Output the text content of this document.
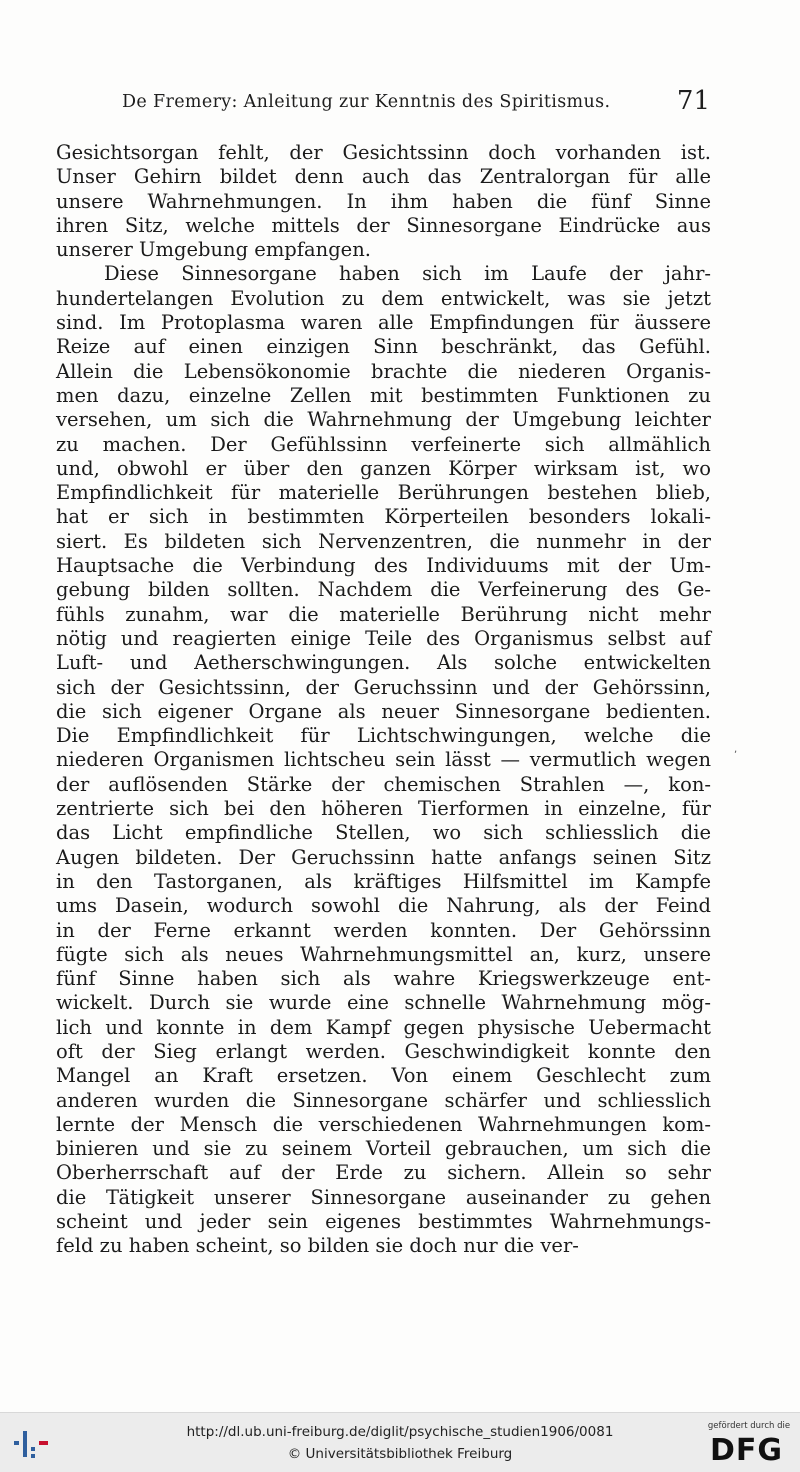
De Fremery: Anleitung zur Kenntnis des Spiritismus.	71
Gesichtsorgan fehlt, der Gesichtssinn doch vorhanden ist.
Unser Gehirn bildet denn auch das Zentralorgan für alle
unsere Wahrnehmungen. In ihm haben die fünf Sinne
ihren Sitz, welche mittels der Sinnesorgane Eindrücke aus
unserer Umgebung empfangen.
Diese Sinnesorgane haben sich im Laufe der jahr-
hundertelangen Evolution zu dem entwickelt, was sie jetzt
sind. Im Protoplasma waren alle Empfindungen für äussere
Reize auf einen einzigen Sinn beschränkt, das Gefühl.
Allein die Lebensökonomie brachte die niederen Organis-
men dazu, einzelne Zellen mit bestimmten Funktionen zu
versehen, um sich die Wahrnehmung der Umgebung leichter
zu machen. Der Gefühlssinn verfeinerte sich allmählich
und, obwohl er über den ganzen Körper wirksam ist, wo
Empfindlichkeit für materielle Berührungen bestehen blieb,
hat er sich in bestimmten Körperteilen besonders lokali-
siert. Es bildeten sich Nervenzentren, die nunmehr in der
Hauptsache die Verbindung des Individuums mit der Um-
gebung bilden sollten. Nachdem die Verfeinerung des Ge-
fühls zunahm, war die materielle Berührung nicht mehr
nötig und reagierten einige Teile des Organismus selbst auf
Luft- und Aetherschwingungen. Als solche entwickelten
sich der Gesichtssinn, der Geruchssinn und der Gehörssinn,
die sich eigener Organe als neuer Sinnesorgane bedienten.
Die Empfindlichkeit für Lichtschwingungen, welche die
niederen Organismen lichtscheu sein lässt — vermutlich wegen
der auflösenden Stärke der chemischen Strahlen —, kon-
zentrierte sich bei den höheren Tierformen in einzelne, für
das Licht empfindliche Stellen, wo sich schliesslich die
Augen bildeten. Der Geruchssinn hatte anfangs seinen Sitz
in den Tastorganen, als kräftiges Hilfsmittel im Kampfe
ums Dasein, wodurch sowohl die Nahrung, als der Feind
in der Ferne erkannt werden konnten. Der Gehörssinn
fügte sich als neues Wahrnehmungsmittel an, kurz, unsere
fünf Sinne haben sich als wahre Kriegswerkzeuge ent-
wickelt. Durch sie wurde eine schnelle Wahrnehmung mög-
lich und konnte in dem Kampf gegen physische Uebermacht
oft der Sieg erlangt werden. Geschwindigkeit konnte den
Mangel an Kraft ersetzen. Von einem Geschlecht zum
anderen wurden die Sinnesorgane schärfer und schliesslich
lernte der Mensch die verschiedenen Wahrnehmungen kom-
binieren und sie zu seinem Vorteil gebrauchen, um sich die
Oberherrschaft auf der Erde zu sichern. Allein so sehr
die Tätigkeit unserer Sinnesorgane auseinander zu gehen
scheint und jeder sein eigenes bestimmtes Wahrnehmungs-
feld zu haben scheint, so bilden sie doch nur die ver-
,
http://dl.ub.uni-freiburg.de/diglit/psychische_studien1906/0081
© Universitätsbibliothek Freiburg
gefördert durch die
DFG
